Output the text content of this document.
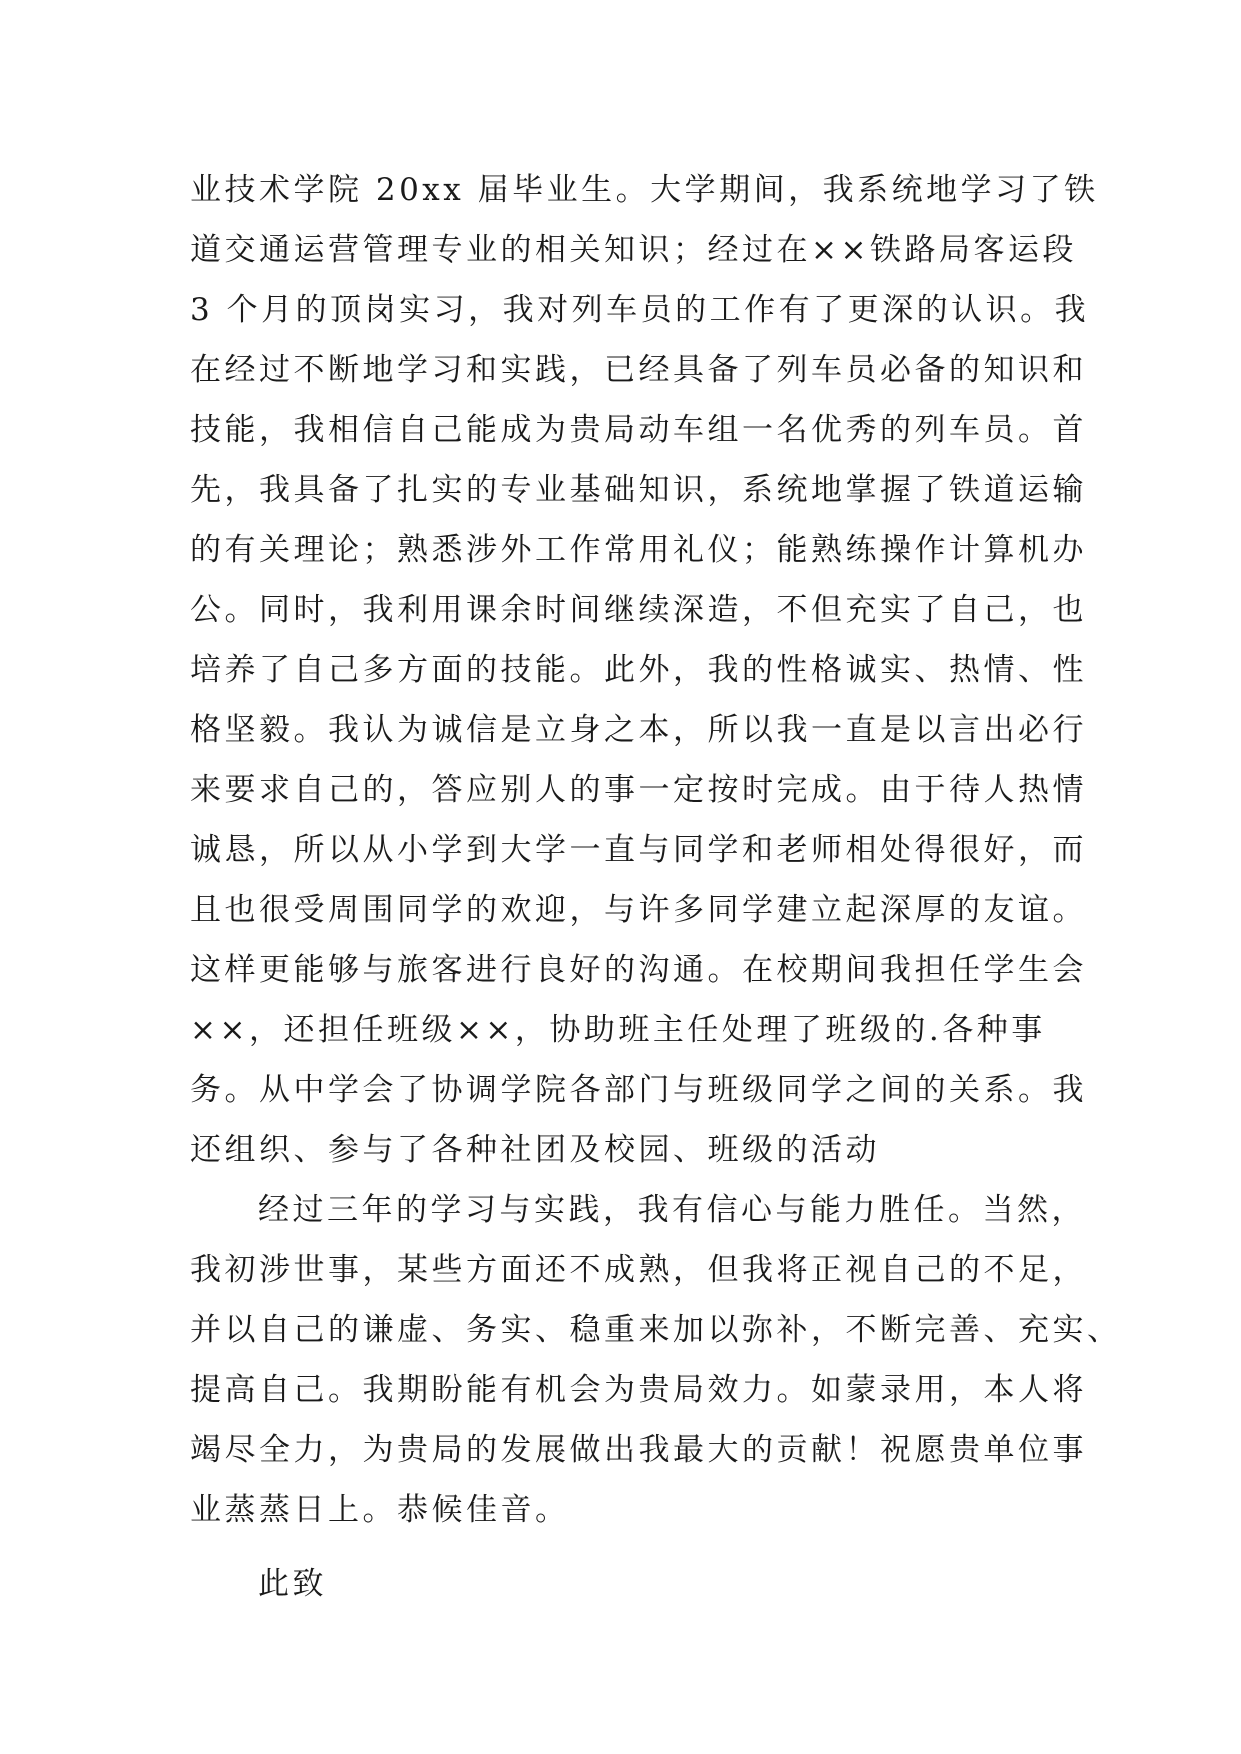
业技术学院 20xx 届毕业生。大学期间，我系统地学习了铁
道交通运营管理专业的相关知识；经过在××铁路局客运段
3 个月的顶岗实习，我对列车员的工作有了更深的认识。我
在经过不断地学习和实践，已经具备了列车员必备的知识和
技能，我相信自己能成为贵局动车组一名优秀的列车员。首
先，我具备了扎实的专业基础知识，系统地掌握了铁道运输
的有关理论；熟悉涉外工作常用礼仪；能熟练操作计算机办
公。同时，我利用课余时间继续深造，不但充实了自己，也
培养了自己多方面的技能。此外，我的性格诚实、热情、性
格坚毅。我认为诚信是立身之本，所以我一直是以言出必行
来要求自己的，答应别人的事一定按时完成。由于待人热情
诚恳，所以从小学到大学一直与同学和老师相处得很好，而
且也很受周围同学的欢迎，与许多同学建立起深厚的友谊。
这样更能够与旅客进行良好的沟通。在校期间我担任学生会
××，还担任班级××，协助班主任处理了班级的.各种事
务。从中学会了协调学院各部门与班级同学之间的关系。我
还组织、参与了各种社团及校园、班级的活动
经过三年的学习与实践，我有信心与能力胜任。当然，
我初涉世事，某些方面还不成熟，但我将正视自己的不足，
并以自己的谦虚、务实、稳重来加以弥补，不断完善、充实、
提高自己。我期盼能有机会为贵局效力。如蒙录用，本人将
竭尽全力，为贵局的发展做出我最大的贡献！祝愿贵单位事
业蒸蒸日上。恭候佳音。
此致
